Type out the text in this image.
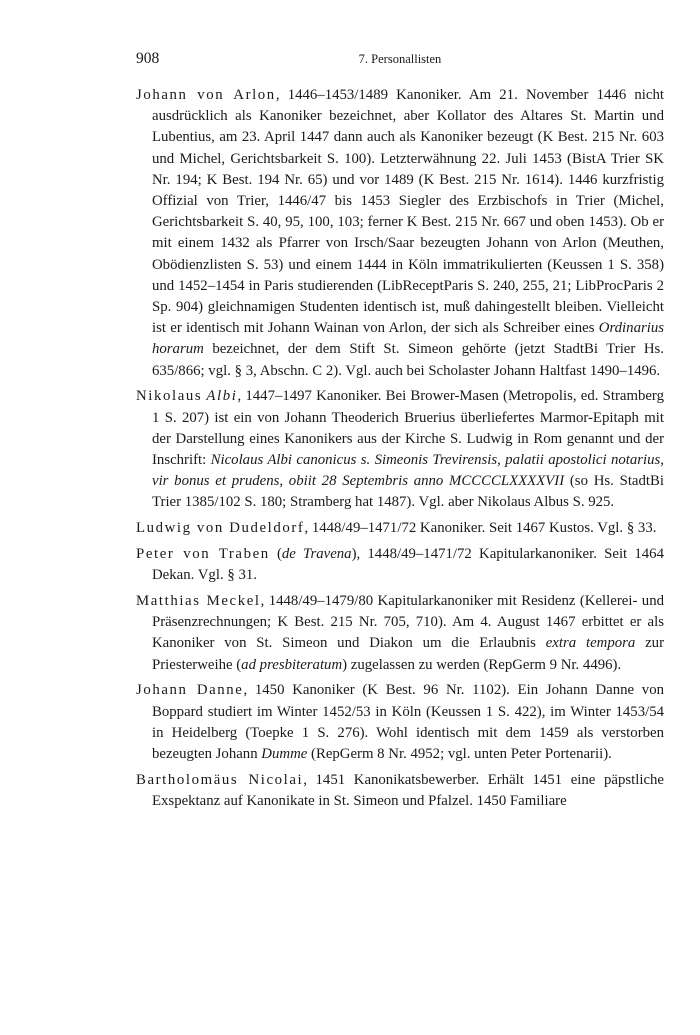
908	7. Personallisten

Johann von Arlon, 1446–1453/1489 Kanoniker. Am 21. November 1446 nicht ausdrücklich als Kanoniker bezeichnet, aber Kollator des Altares St. Martin und Lubentius, am 23. April 1447 dann auch als Kanoniker bezeugt (K Best. 215 Nr. 603 und Michel, Gerichtsbarkeit S. 100). Letzterwähnung 22. Juli 1453 (BistA Trier SK Nr. 194; K Best. 194 Nr. 65) und vor 1489 (K Best. 215 Nr. 1614). 1446 kurzfristig Offizial von Trier, 1446/47 bis 1453 Siegler des Erzbischofs in Trier (Michel, Gerichtsbarkeit S. 40, 95, 100, 103; ferner K Best. 215 Nr. 667 und oben 1453). Ob er mit einem 1432 als Pfarrer von Irsch/Saar bezeugten Johann von Arlon (Meuthen, Obödienzlisten S. 53) und einem 1444 in Köln immatrikulierten (Keussen 1 S. 358) und 1452–1454 in Paris studierenden (LibReceptParis S. 240, 255, 21; LibProcParis 2 Sp. 904) gleichnamigen Studenten identisch ist, muß dahingestellt bleiben. Vielleicht ist er identisch mit Johann Wainan von Arlon, der sich als Schreiber eines Ordinarius horarum bezeichnet, der dem Stift St. Simeon gehörte (jetzt StadtBi Trier Hs. 635/866; vgl. § 3, Abschn. C 2). Vgl. auch bei Scholaster Johann Haltfast 1490–1496.

Nikolaus Albi, 1447–1497 Kanoniker. Bei Brower-Masen (Metropolis, ed. Stramberg 1 S. 207) ist ein von Johann Theoderich Bruerius überliefertes Marmor-Epitaph mit der Darstellung eines Kanonikers aus der Kirche S. Ludwig in Rom genannt und der Inschrift: Nicolaus Albi canonicus s. Simeonis Trevirensis, palatii apostolici notarius, vir bonus et prudens, obiit 28 Septembris anno MCCCCLXXXXVII (so Hs. StadtBi Trier 1385/102 S. 180; Stramberg hat 1487). Vgl. aber Nikolaus Albus S. 925.

Ludwig von Dudeldorf, 1448/49–1471/72 Kanoniker. Seit 1467 Kustos. Vgl. § 33.

Peter von Traben (de Travena), 1448/49–1471/72 Kapitularkanoniker. Seit 1464 Dekan. Vgl. § 31.

Matthias Meckel, 1448/49–1479/80 Kapitularkanoniker mit Residenz (Kellerei- und Präsenzrechnungen; K Best. 215 Nr. 705, 710). Am 4. August 1467 erbittet er als Kanoniker von St. Simeon und Diakon um die Erlaubnis extra tempora zur Priesterweihe (ad presbiteratum) zugelassen zu werden (RepGerm 9 Nr. 4496).

Johann Danne, 1450 Kanoniker (K Best. 96 Nr. 1102). Ein Johann Danne von Boppard studiert im Winter 1452/53 in Köln (Keussen 1 S. 422), im Winter 1453/54 in Heidelberg (Toepke 1 S. 276). Wohl identisch mit dem 1459 als verstorben bezeugten Johann Dumme (RepGerm 8 Nr. 4952; vgl. unten Peter Portenarii).

Bartholomäus Nicolai, 1451 Kanonikatsbewerber. Erhält 1451 eine päpstliche Exspektanz auf Kanonikate in St. Simeon und Pfalzel. 1450 Familiare
